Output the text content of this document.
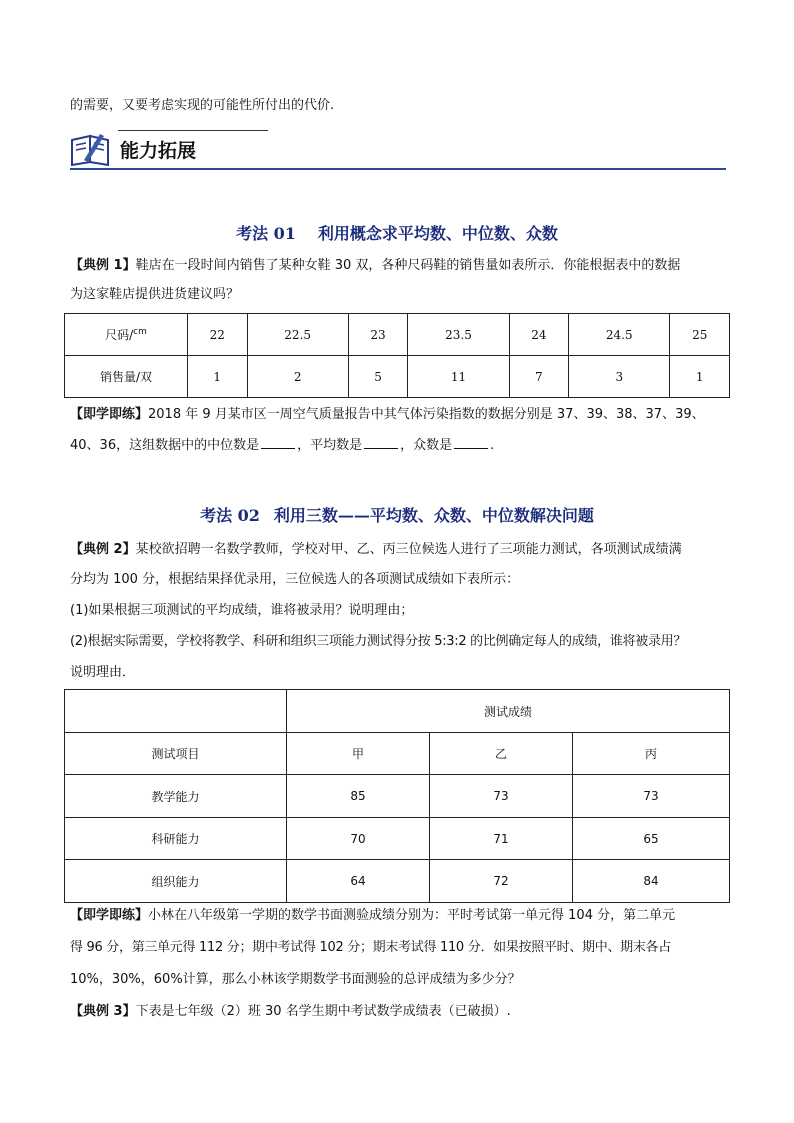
的需要，又要考虑实现的可能性所付出的代价.
能力拓展
考法 01 利用概念求平均数、中位数、众数
【典例 1】鞋店在一段时间内销售了某种女鞋 30 双，各种尺码鞋的销售量如表所示．你能根据表中的数据
为这家鞋店提供进货建议吗？
尺码/$^{cm}$	22	22.5	23	23.5	24	24.5	25
销售量/双	1	2	5	11	7	3	1
【即学即练】2018 年 9 月某市区一周空气质量报告中其气体污染指数的数据分别是 37、39、38、37、39、
40、36，这组数据中的中位数是	，平均数是	，众数是	.
考法 02 利用三数——平均数、众数、中位数解决问题
【典例 2】某校欲招聘一名数学教师，学校对甲、乙、丙三位候选人进行了三项能力测试，各项测试成绩满
分均为 100 分，根据结果择优录用，三位候选人的各项测试成绩如下表所示：
(1)如果根据三项测试的平均成绩，谁将被录用？说明理由；
(2)根据实际需要，学校将教学、科研和组织三项能力测试得分按 5:3:2 的比例确定每人的成绩，谁将被录用？
说明理由．
	测试成绩		
测试项目	甲	乙	丙
教学能力	85	73	73
科研能力	70	71	65
组织能力	64	72	84
【即学即练】小林在八年级第一学期的数学书面测验成绩分别为：平时考试第一单元得 104 分，第二单元
得 96 分，第三单元得 112 分；期中考试得 102 分；期末考试得 110 分．如果按照平时、期中、期末各占
10%，30%，60%计算，那么小林该学期数学书面测验的总评成绩为多少分？
【典例 3】下表是七年级（2）班 30 名学生期中考试数学成绩表（已破损）.
